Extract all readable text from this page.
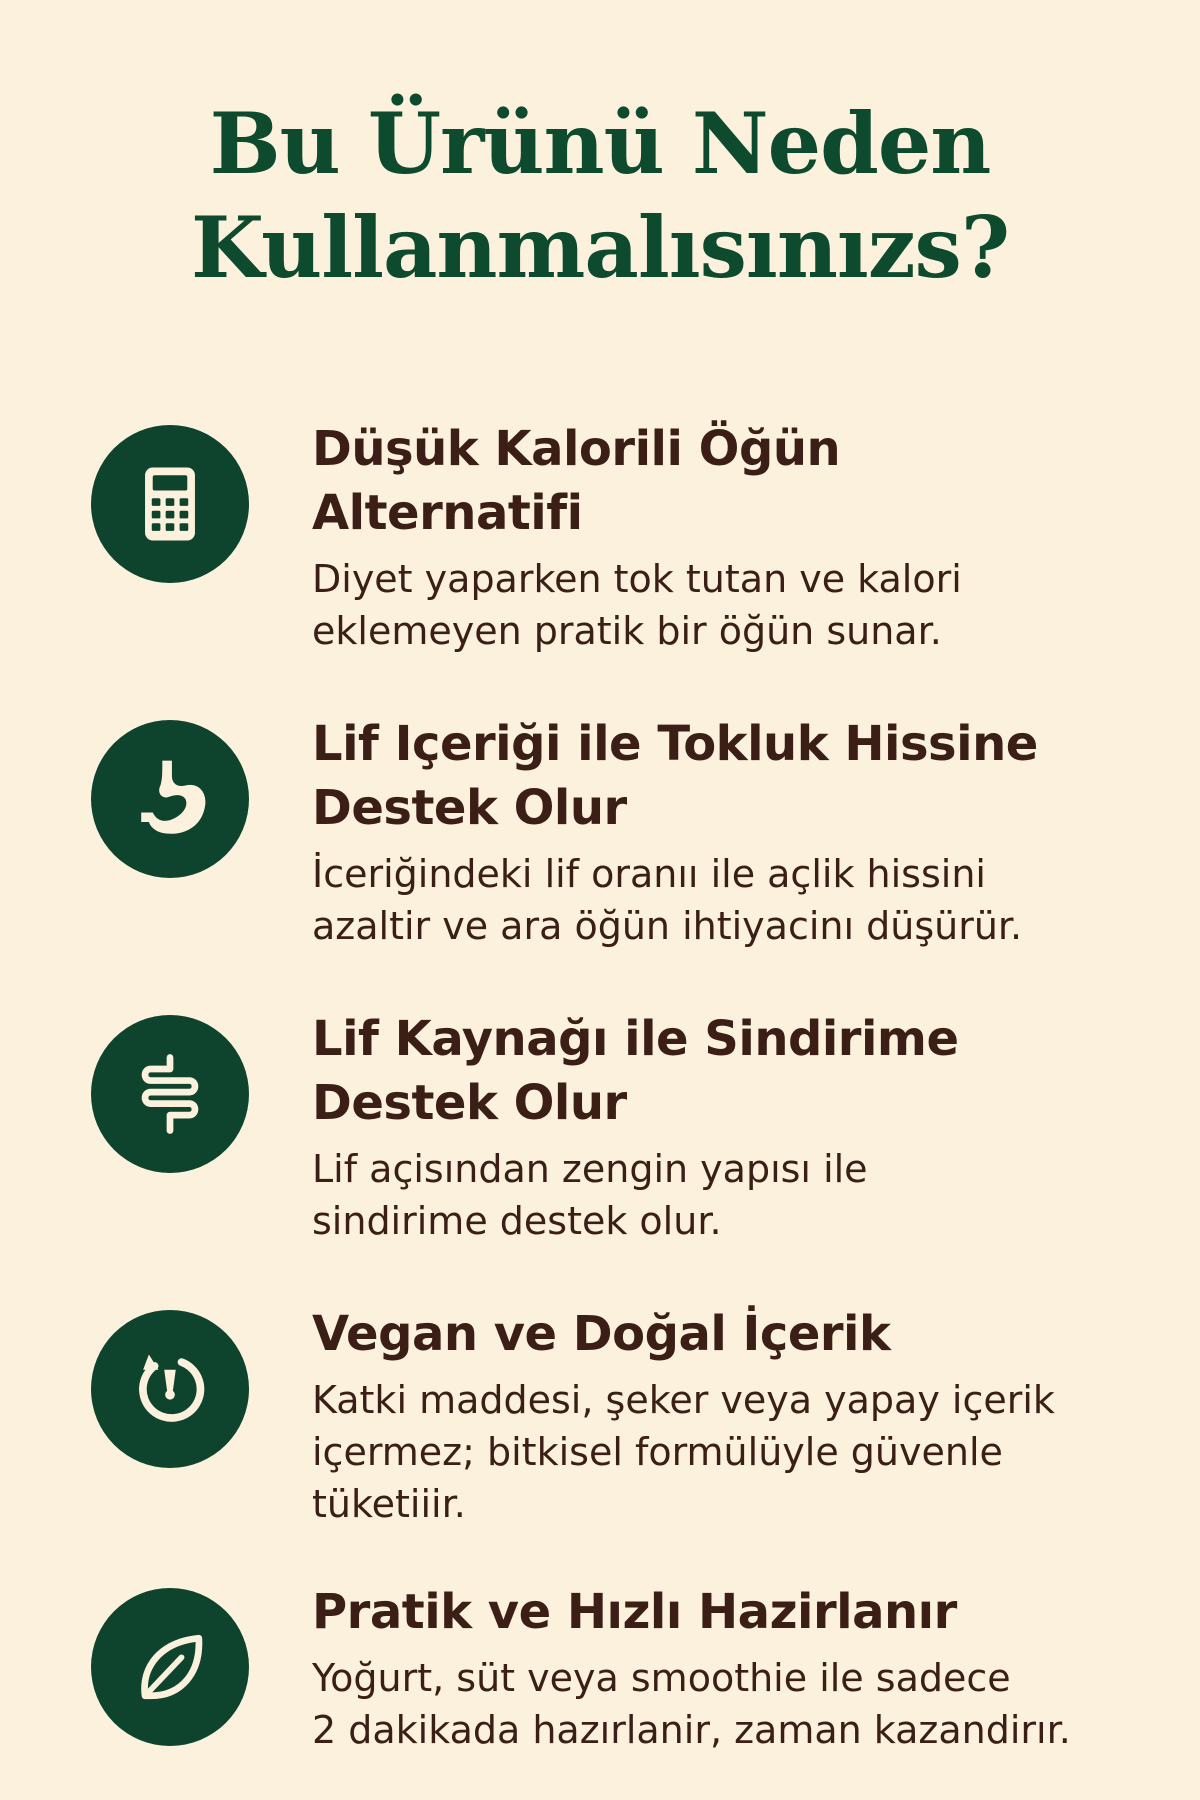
Bu Ürünü Neden
Kullanmalısınızs?
Düşük Kalorili Öğün
Alternatifi
Diyet yaparken tok tutan ve kalori
eklemeyen pratik bir öğün sunar.
Lif Içeriği ile Tokluk Hissine
Destek Olur
İceriğindeki lif oranıı ile açlik hissini
azaltir ve ara öğün ihtiyacinı düşürür.
Lif Kaynağı ile Sindirime
Destek Olur
Lif açisından zengin yapısı ile
sindirime destek olur.
Vegan ve Doğal İçerik
Katki maddesi, şeker veya yapay içerik
içermez; bitkisel formülüyle güvenle
tüketiiir.
Pratik ve Hızlı Hazirlanır
Yoğurt, süt veya smoothie ile sadece
2 dakikada hazırlanir, zaman kazandirır.
